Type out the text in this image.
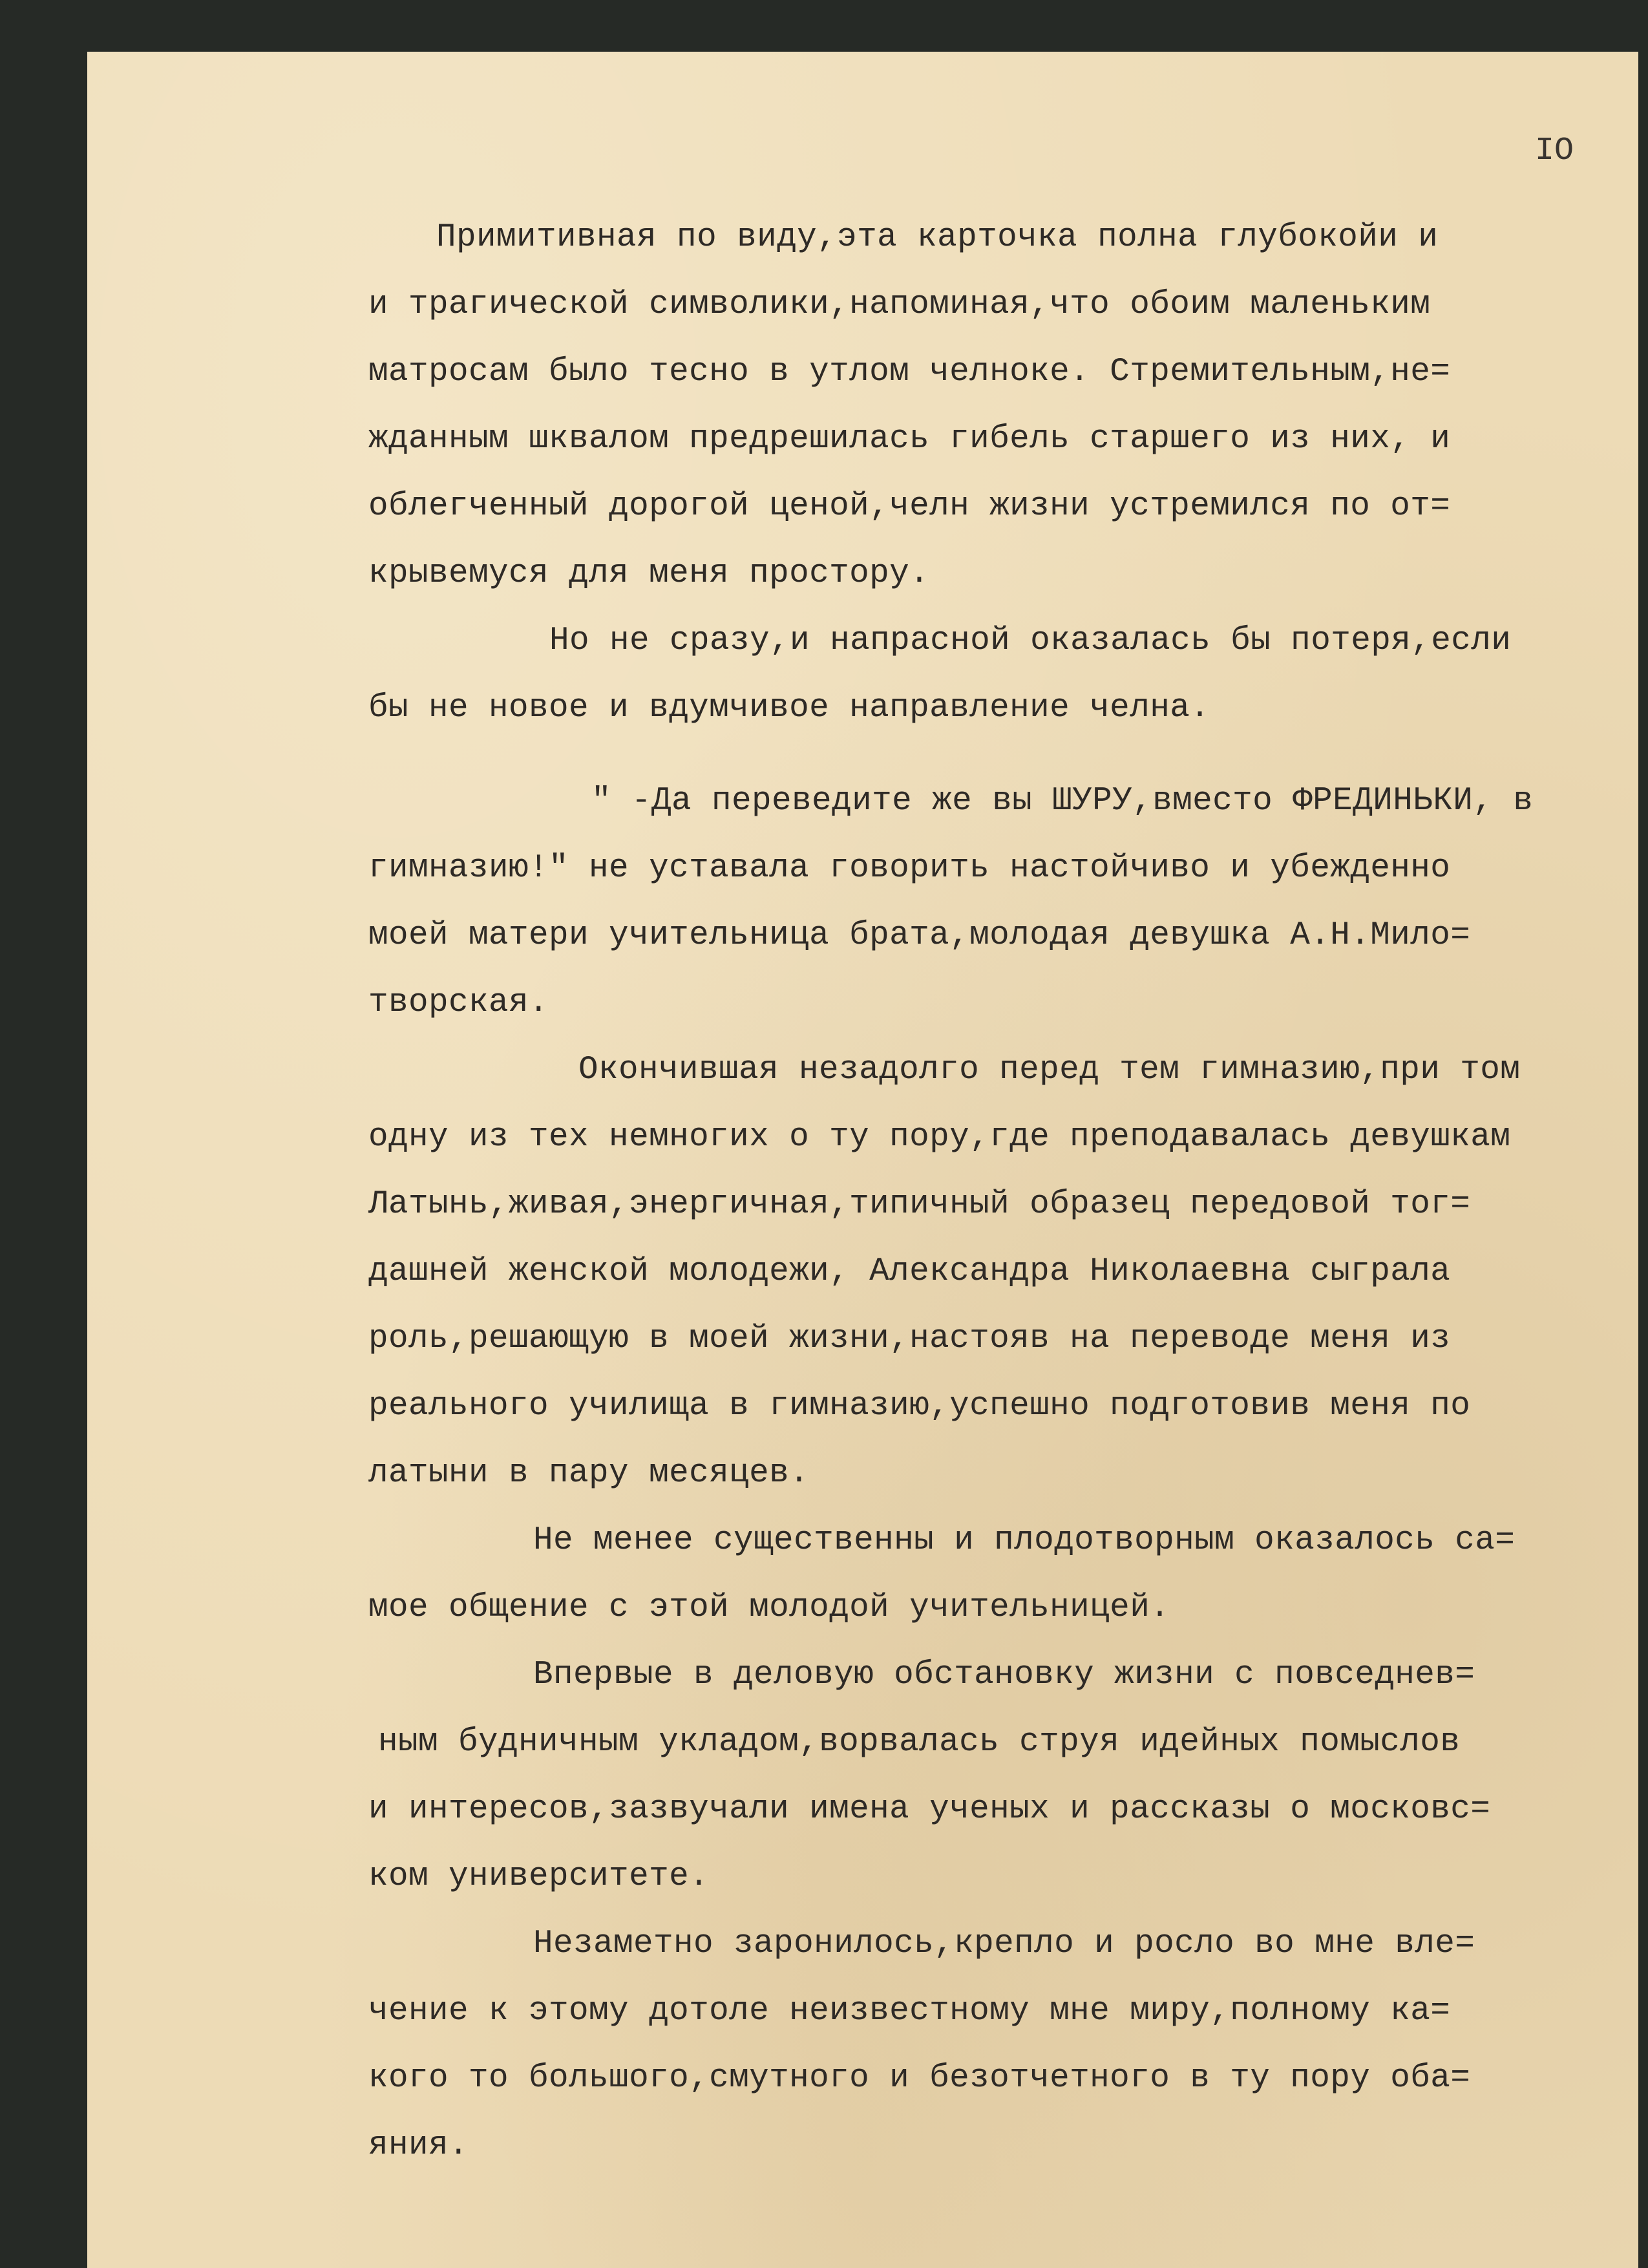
IO
Примитивная по виду,эта карточка полна глубокойи и
и трагической символики,напоминая,что обоим маленьким
матросам было тесно в утлом челноке. Стремительным,не=
жданным шквалом предрешилась гибель старшего из них, и
облегченный дорогой ценой,челн жизни устремился по от=
крывемуся для меня простору.
Но не сразу,и напрасной оказалась бы потеря,если
бы не новое и вдумчивое направление челна.
" -Да переведите же вы ШУРУ,вместо ФРЕДИНЬКИ, в
гимназию!" не уставала говорить настойчиво и убежденно
моей матери учительница брата,молодая девушка А.Н.Мило=
творская.
Окончившая незадолго перед тем гимназию,при том
одну из тех немногих о ту пору,где преподавалась девушкам
Латынь,живая,энергичная,типичный образец передовой тог=
дашней женской молодежи, Александра Николаевна сыграла
роль,решающую в моей жизни,настояв на переводе меня из
реального училища в гимназию,успешно подготовив меня по
латыни в пару месяцев.
Не менее существенны и плодотворным оказалось са=
мое общение с этой молодой учительницей.
Впервые в деловую обстановку жизни с повседнев=
ным будничным укладом,ворвалась струя идейных помыслов
и интересов,зазвучали имена ученых и рассказы о московс=
ком университете.
Незаметно заронилось,крепло и росло во мне вле=
чение к этому дотоле неизвестному мне миру,полному ка=
кого то большого,смутного и безотчетного в ту пору оба=
яния.
